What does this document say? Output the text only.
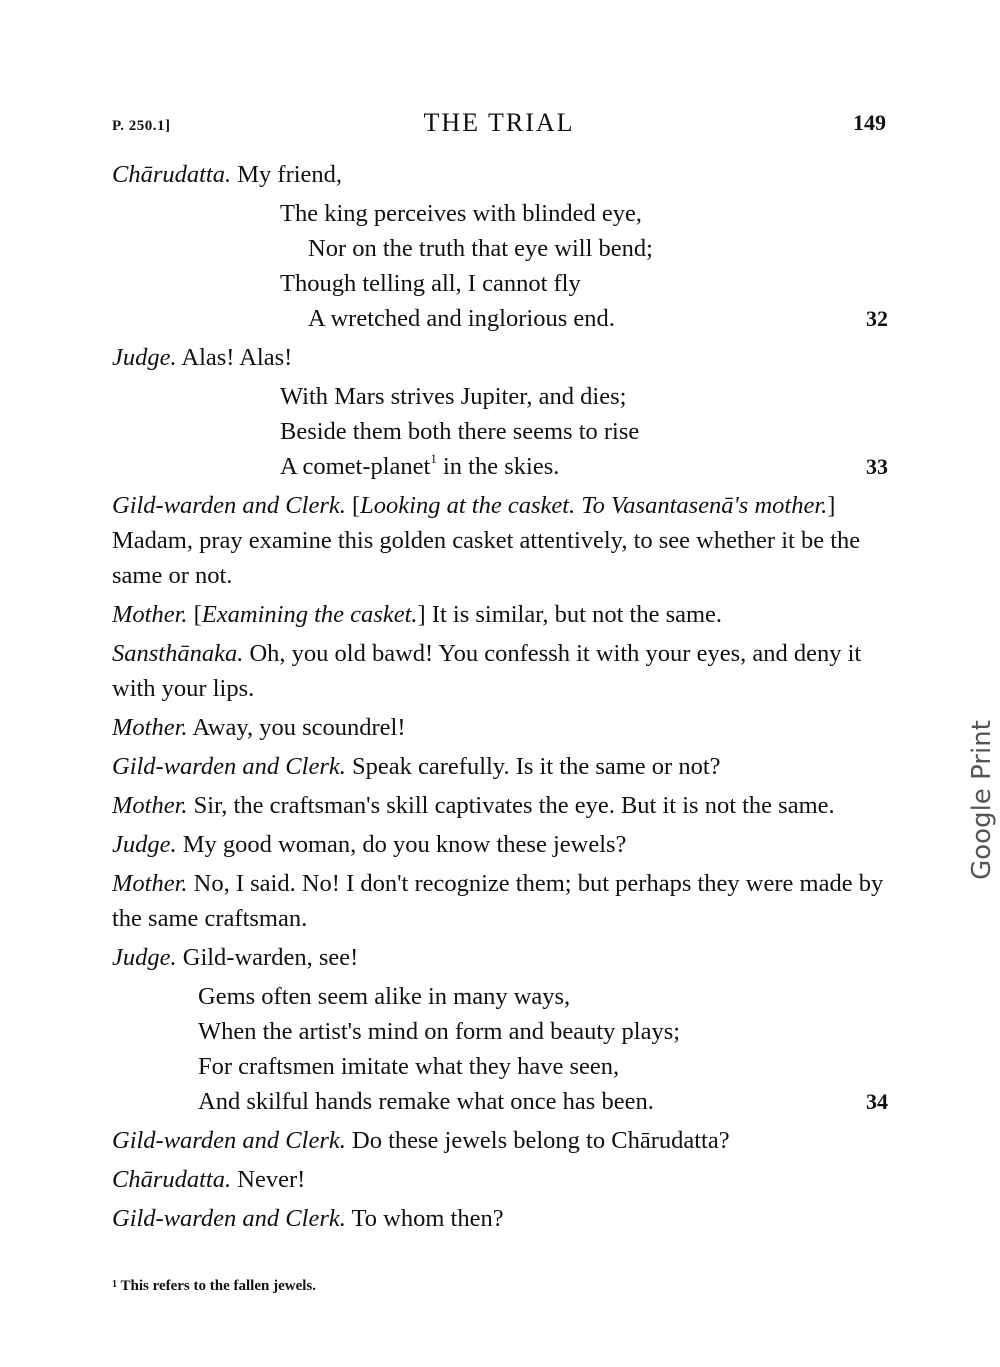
P. 250.1]	THE TRIAL	149
Chārudatta. My friend,
The king perceives with blinded eye,
Nor on the truth that eye will bend;
Though telling all, I cannot fly
A wretched and inglorious end.	32
Judge. Alas! Alas!
With Mars strives Jupiter, and dies;
Beside them both there seems to rise
A comet-planet$^1$ in the skies.	33
Gild-warden and Clerk. [Looking at the casket. To Vasantasenā's mother.] Madam, pray examine this golden casket attentively, to see whether it be the same or not.
Mother. [Examining the casket.] It is similar, but not the same.
Sansthānaka. Oh, you old bawd! You confessh it with your eyes, and deny it with your lips.
Mother. Away, you scoundrel!
Gild-warden and Clerk. Speak carefully. Is it the same or not?
Mother. Sir, the craftsman's skill captivates the eye. But it is not the same.
Judge. My good woman, do you know these jewels?
Mother. No, I said. No! I don't recognize them; but perhaps they were made by the same craftsman.
Judge. Gild-warden, see!
Gems often seem alike in many ways,
When the artist's mind on form and beauty plays;
For craftsmen imitate what they have seen,
And skilful hands remake what once has been.	34
Gild-warden and Clerk. Do these jewels belong to Chārudatta?
Chārudatta. Never!
Gild-warden and Clerk. To whom then?
$^1$ This refers to the fallen jewels.
Google Print
